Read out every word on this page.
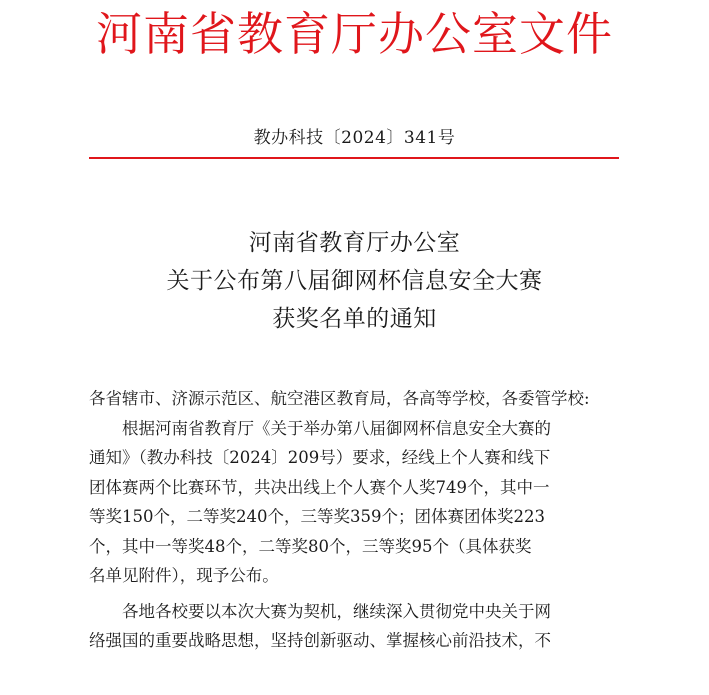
河南省教育厅办公室文件
教办科技〔2024〕341号
河南省教育厅办公室
关于公布第八届御网杯信息安全大赛
获奖名单的通知

各省辖市、济源示范区、航空港区教育局，各高等学校，各委管学校:

根据河南省教育厅《关于举办第八届御网杯信息安全大赛的
通知》（教办科技〔2024〕209号）要求，经线上个人赛和线下
团体赛两个比赛环节，共决出线上个人赛个人奖749个，其中一
等奖150个，二等奖240个，三等奖359个；团体赛团体奖223
个，其中一等奖48个，二等奖80个，三等奖95个（具体获奖
名单见附件），现予公布。
各地各校要以本次大赛为契机，继续深入贯彻党中央关于网
络强国的重要战略思想，坚持创新驱动、掌握核心前沿技术，不
